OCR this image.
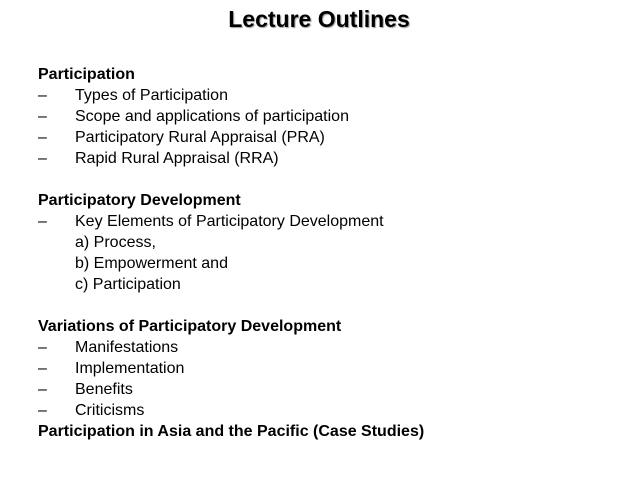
Lecture Outlines
Participation
– Types of Participation
– Scope and applications of participation
– Participatory Rural Appraisal (PRA)
– Rapid Rural Appraisal (RRA)
Participatory Development
– Key Elements of Participatory Development
a) Process,
b) Empowerment and
c) Participation
Variations of Participatory Development
– Manifestations
– Implementation
– Benefits
– Criticisms
Participation in Asia and the Pacific (Case Studies)
